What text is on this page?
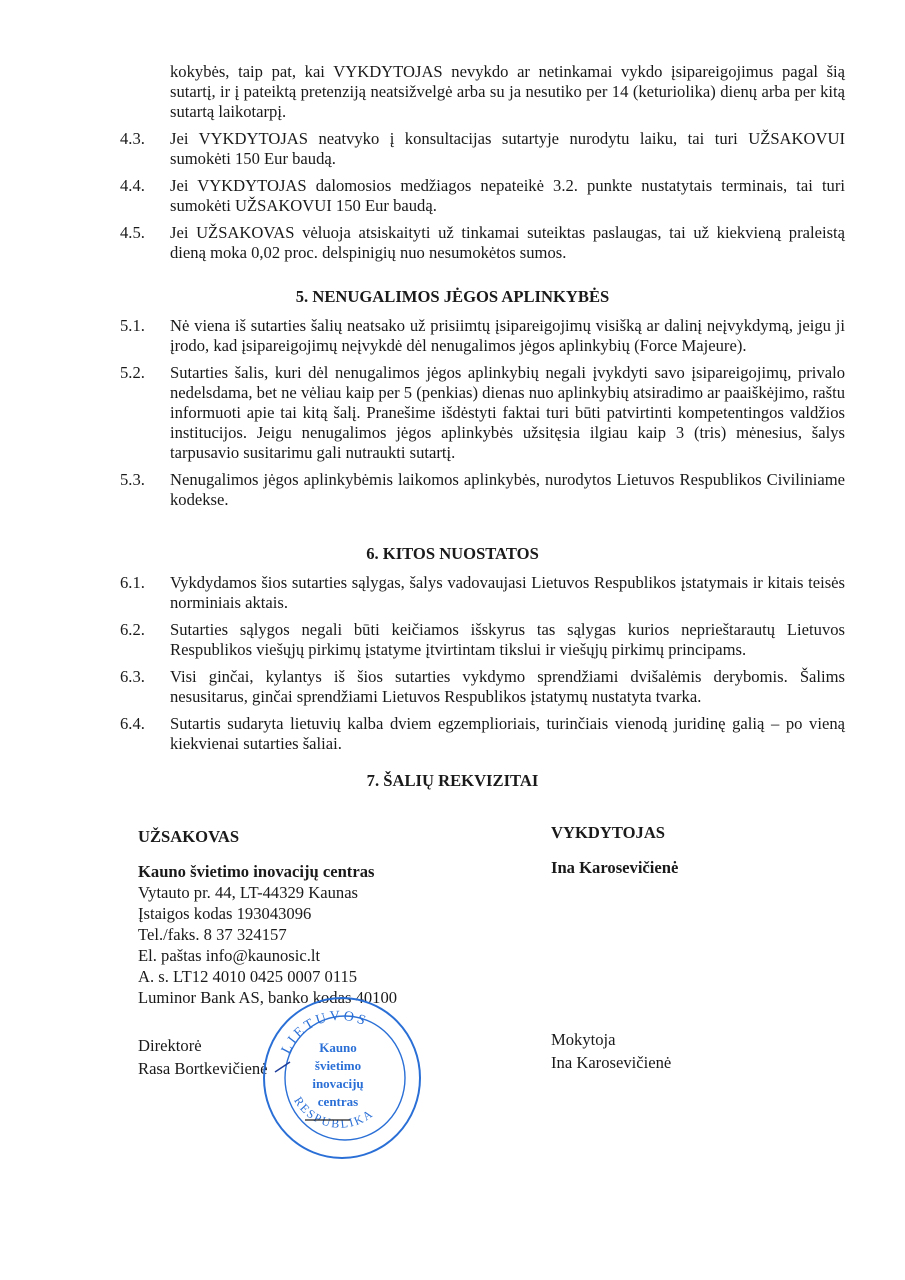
kokybės, taip pat, kai VYKDYTOJAS nevykdo ar netinkamai vykdo įsipareigojimus pagal šią sutartį, ir į pateiktą pretenziją neatsižvelgė arba su ja nesutiko per 14 (keturiolika) dienų arba per kitą sutartą laikotarpį.
4.3.	Jei VYKDYTOJAS neatvyko į konsultacijas sutartyje nurodytu laiku, tai turi UŽSAKOVUI sumokėti 150 Eur baudą.
4.4.	Jei VYKDYTOJAS dalomosios medžiagos nepateikė 3.2. punkte nustatytais terminais, tai turi sumokėti UŽSAKOVUI 150 Eur baudą.
4.5.	Jei UŽSAKOVAS vėluoja atsiskaityti už tinkamai suteiktas paslaugas, tai už kiekvieną praleistą dieną moka 0,02 proc. delspinigių nuo nesumokėtos sumos.
5. NENUGALIMOS JĖGOS APLINKYBĖS
5.1.	Nė viena iš sutarties šalių neatsako už prisiimtų įsipareigojimų visišką ar dalinį neįvykdymą, jeigu ji įrodo, kad įsipareigojimų neįvykdė dėl nenugalimos jėgos aplinkybių (Force Majeure).
5.2.	Sutarties šalis, kuri dėl nenugalimos jėgos aplinkybių negali įvykdyti savo įsipareigojimų, privalo nedelsdama, bet ne vėliau kaip per 5 (penkias) dienas nuo aplinkybių atsiradimo ar paaiškėjimo, raštu informuoti apie tai kitą šalį. Pranešime išdėstyti faktai turi būti patvirtinti kompetentingos valdžios institucijos. Jeigu nenugalimos jėgos aplinkybės užsitęsia ilgiau kaip 3 (tris) mėnesius, šalys tarpusavio susitarimu gali nutraukti sutartį.
5.3.	Nenugalimos jėgos aplinkybėmis laikomos aplinkybės, nurodytos Lietuvos Respublikos Civiliniame kodekse.
6. KITOS NUOSTATOS
6.1.	Vykdydamos šios sutarties sąlygas, šalys vadovaujasi Lietuvos Respublikos įstatymais ir kitais teisės norminiais aktais.
6.2.	Sutarties sąlygos negali būti keičiamos išskyrus tas sąlygas kurios neprieštarautų Lietuvos Respublikos viešųjų pirkimų įstatyme įtvirtintam tikslui ir viešųjų pirkimų principams.
6.3.	Visi ginčai, kylantys iš šios sutarties vykdymo sprendžiami dvišalėmis derybomis. Šalims nesusitarus, ginčai sprendžiami Lietuvos Respublikos įstatymų nustatyta tvarka.
6.4.	Sutartis sudaryta lietuvių kalba dviem egzemplioriais, turinčiais vienodą juridinę galią – po vieną kiekvienai sutarties šaliai.
7. ŠALIŲ REKVIZITAI
UŽSAKOVAS
Kauno švietimo inovacijų centras
Vytauto pr. 44, LT-44329 Kaunas
Įstaigos kodas 193043096
Tel./faks. 8 37 324157
El. paštas info@kaunosic.lt
A. s. LT12 4010 0425 0007 0115
Luminor Bank AS, banko kodas 40100
Direktorė
Rasa Bortkevičienė
VYKDYTOJAS
Ina Karosevičienė
Mokytoja
Ina Karosevičienė
LIETUVOS
Kauno
švietimo
inovacijų
centras
RESPUBLIKA
